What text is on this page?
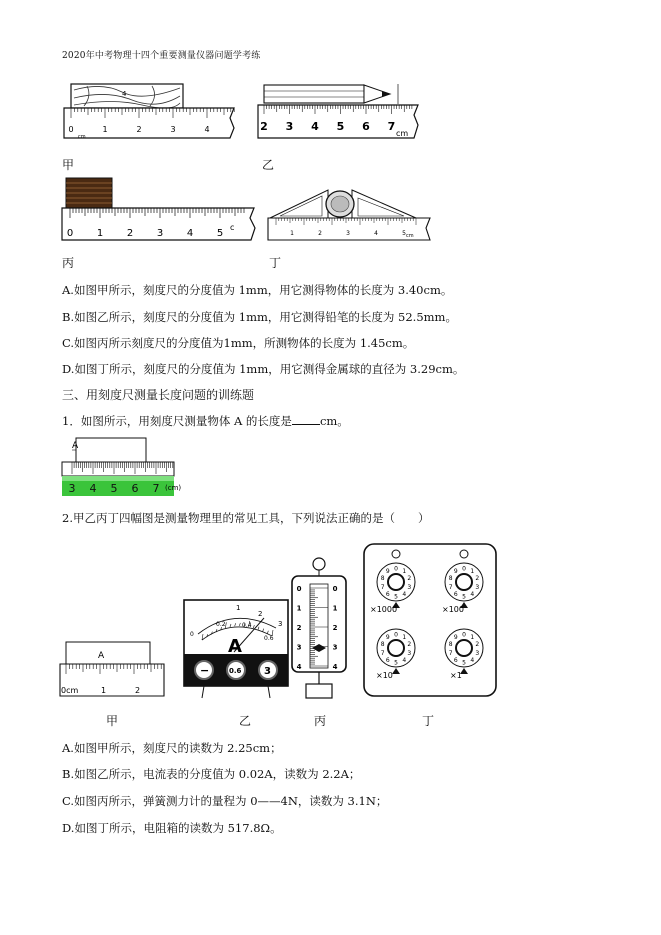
2020年中考物理十四个重要测量仪器问题学考练
4
0	1	2	3	4
cm
甲
2 3 4 5 6 7
cm
乙
0 1 2 3 4 5
c
丙
1	2	3	4	5 cm
丁
A.如图甲所示，刻度尺的分度值为 1mm，用它测得物体的长度为 3.40cm。
B.如图乙所示，刻度尺的分度值为 1mm，用它测得铅笔的长度为 52.5mm。
C.如图丙所示刻度尺的分度值为1mm，所测物体的长度为 1.45cm。
D.如图丁所示，刻度尺的分度值为 1mm，用它测得金属球的直径为 3.29cm。
三、用刻度尺测量长度问题的训练题
1．如图所示，用刻度尺测量物体 A 的长度是 cm。
A
3 4 5 6 7 (cm)
2.甲乙丙丁四幅图是测量物理里的常见工具，下列说法正确的是（　　）
A
0cm	1	2
0
0.2	0.4
0.6
1
2
3
A
−	0.6 3
0
1
2
3
4
0
1
2
3
4
0 1
2
3
4
5
6
7
8
9	0 1
2
3
4
5
6
7
8
9
0 1
2
3
4
5
6
7
8
9	0 1
2
3
4
5
6
7
8
9
×1000	×100
×10	×1
甲	乙	丙	丁
A.如图甲所示，刻度尺的读数为 2.25cm；
B.如图乙所示，电流表的分度值为 0.02A，读数为 2.2A；
C.如图丙所示，弹簧测力计的量程为 0——4N，读数为 3.1N；
D.如图丁所示，电阻箱的读数为 517.8Ω。
